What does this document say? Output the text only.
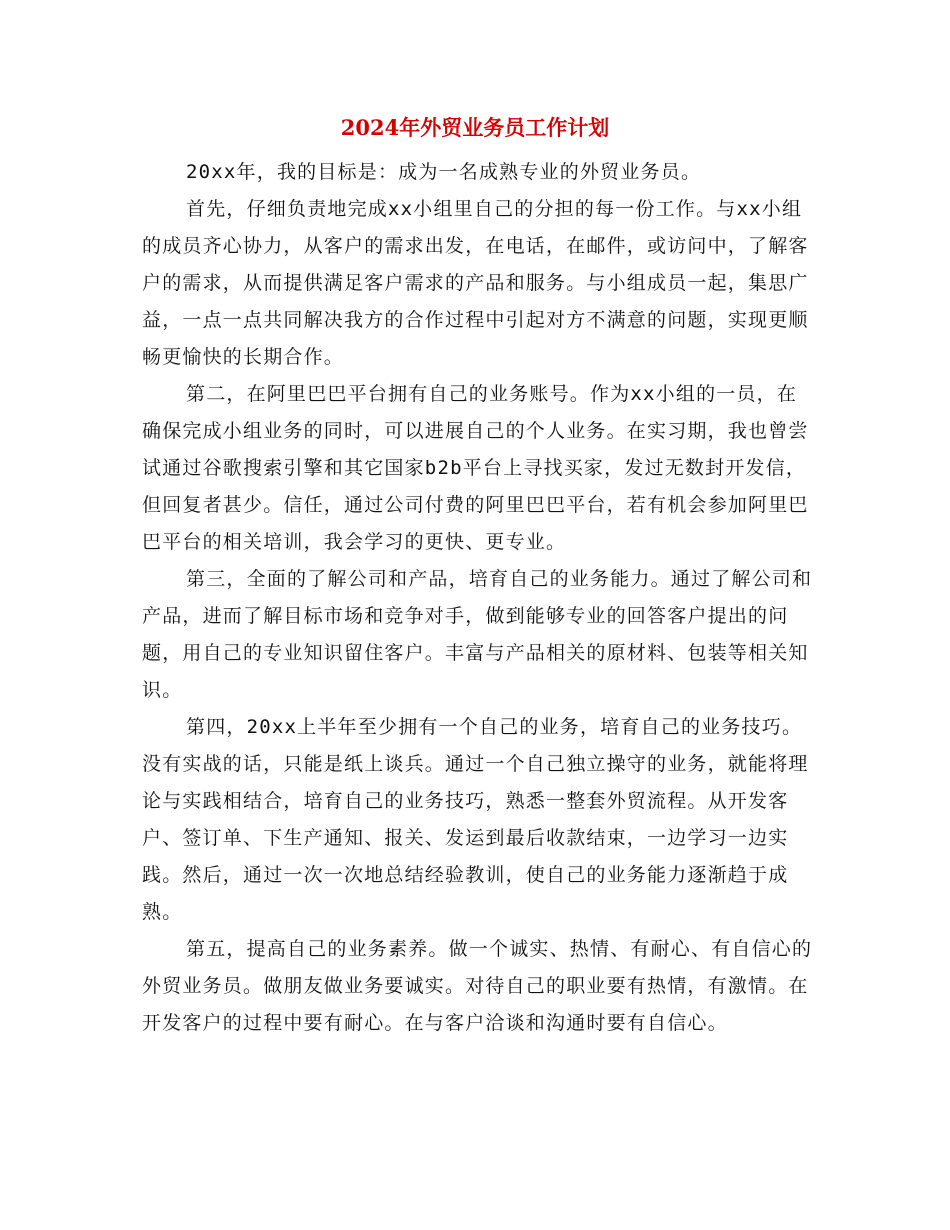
2024年外贸业务员工作计划

20xx年，我的目标是：成为一名成熟专业的外贸业务员。

首先，仔细负责地完成xx小组里自己的分担的每一份工作。与xx小组的成员齐心协力，从客户的需求出发，在电话，在邮件，或访问中，了解客户的需求，从而提供满足客户需求的产品和服务。与小组成员一起，集思广益，一点一点共同解决我方的合作过程中引起对方不满意的问题，实现更顺畅更愉快的长期合作。

第二，在阿里巴巴平台拥有自己的业务账号。作为xx小组的一员，在确保完成小组业务的同时，可以进展自己的个人业务。在实习期，我也曾尝试通过谷歌搜索引擎和其它国家b2b平台上寻找买家，发过无数封开发信，但回复者甚少。信任，通过公司付费的阿里巴巴平台，若有机会参加阿里巴巴平台的相关培训，我会学习的更快、更专业。

第三，全面的了解公司和产品，培育自己的业务能力。通过了解公司和产品，进而了解目标市场和竞争对手，做到能够专业的回答客户提出的问题，用自己的专业知识留住客户。丰富与产品相关的原材料、包装等相关知识。

第四，20xx上半年至少拥有一个自己的业务，培育自己的业务技巧。没有实战的话，只能是纸上谈兵。通过一个自己独立操守的业务，就能将理论与实践相结合，培育自己的业务技巧，熟悉一整套外贸流程。从开发客户、签订单、下生产通知、报关、发运到最后收款结束，一边学习一边实践。然后，通过一次一次地总结经验教训，使自己的业务能力逐渐趋于成熟。

第五，提高自己的业务素养。做一个诚实、热情、有耐心、有自信心的外贸业务员。做朋友做业务要诚实。对待自己的职业要有热情，有激情。在开发客户的过程中要有耐心。在与客户洽谈和沟通时要有自信心。
